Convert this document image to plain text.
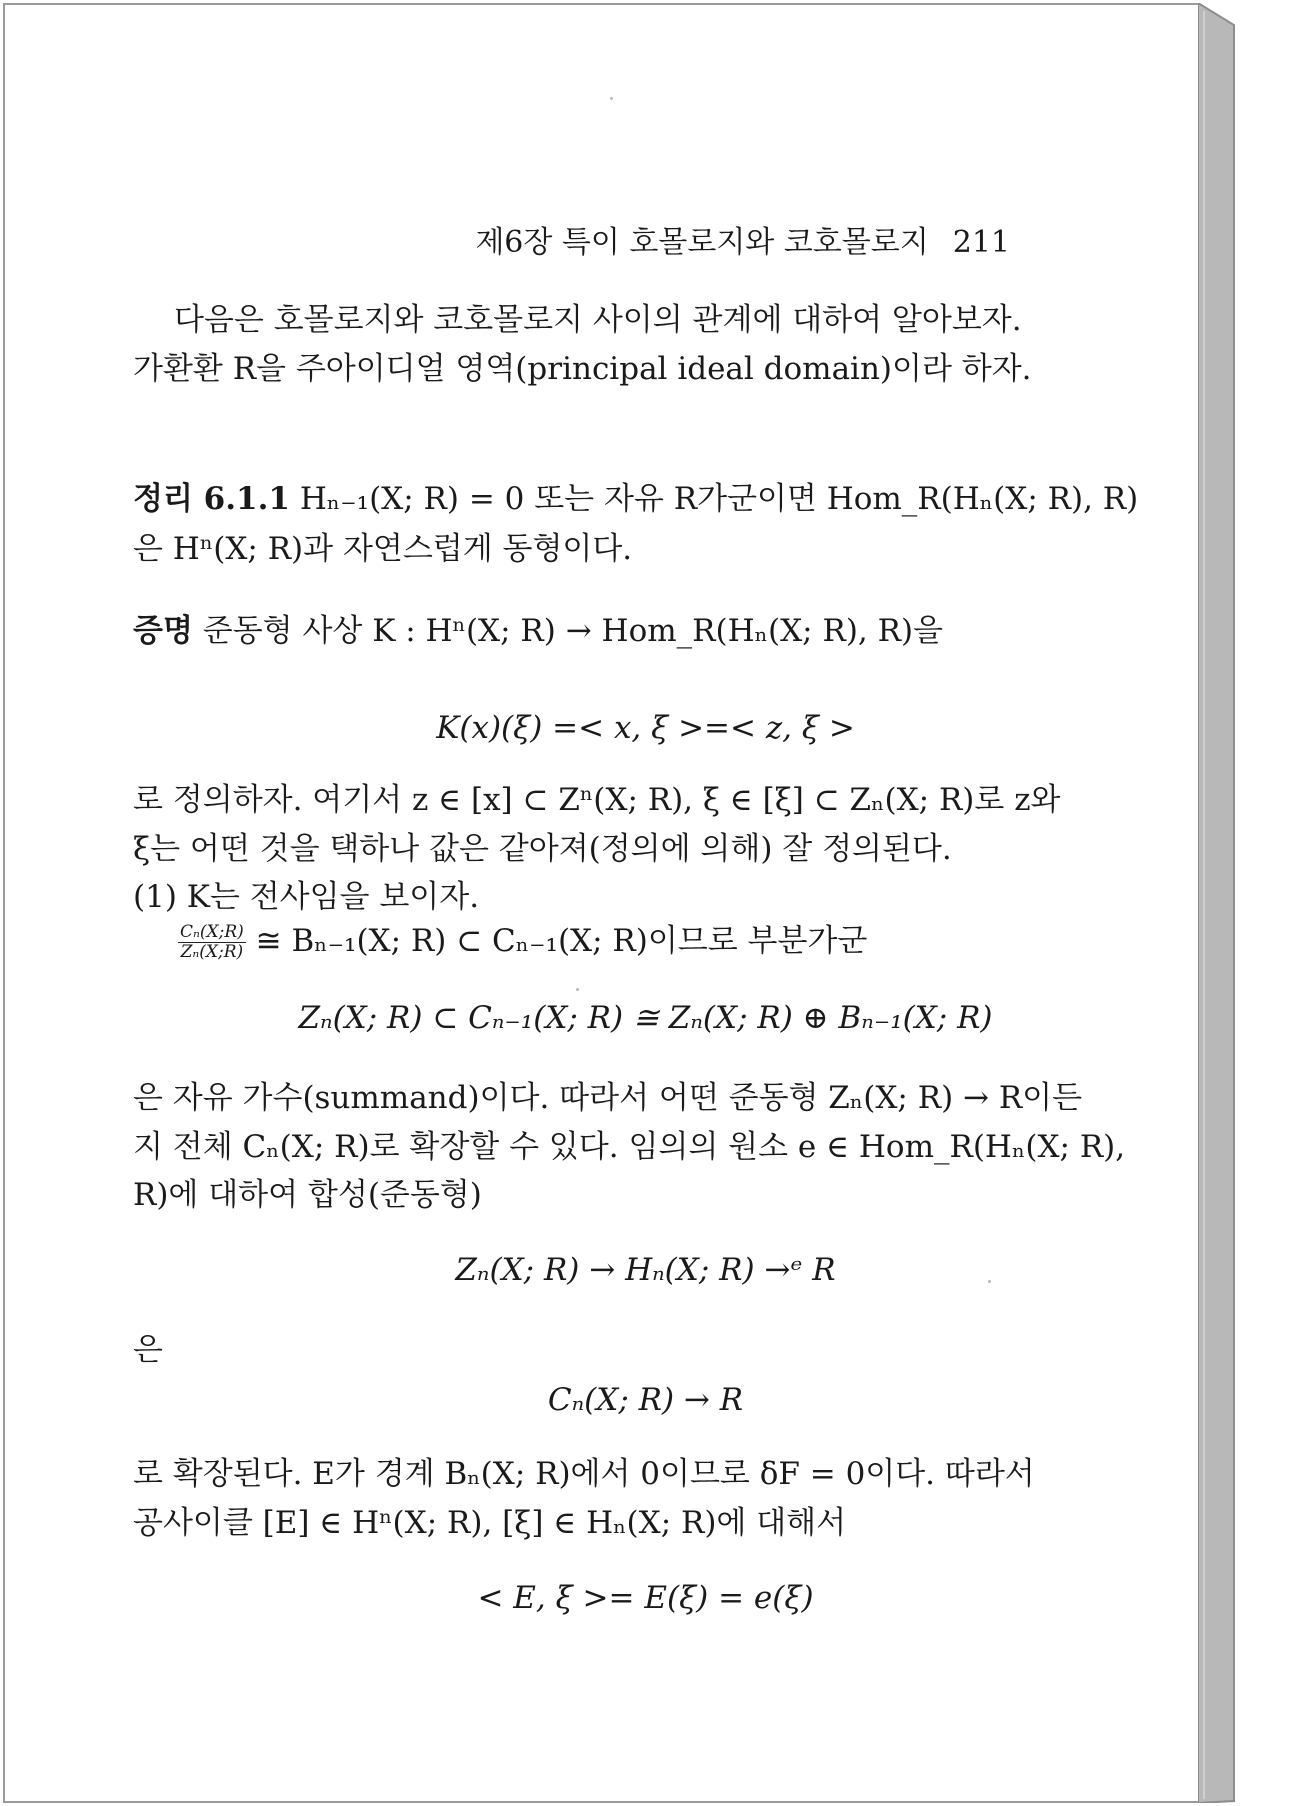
제6장 특이 호몰로지와 코호몰로지 211
다음은 호몰로지와 코호몰로지 사이의 관계에 대하여 알아보자.
가환환 R을 주아이디얼 영역(principal ideal domain)이라 하자.
정리 6.1.1 Hₙ₋₁(X; R) = 0 또는 자유 R가군이면 Hom_R(Hₙ(X; R), R)
은 Hⁿ(X; R)과 자연스럽게 동형이다.
증명 준동형 사상 K : Hⁿ(X; R) → Hom_R(Hₙ(X; R), R)을
K(x)(ξ) =< x, ξ >=< z, ξ >
로 정의하자. 여기서 z ∈ [x] ⊂ Zⁿ(X; R), ξ ∈ [ξ] ⊂ Zₙ(X; R)로 z와
ξ는 어떤 것을 택하나 값은 같아져(정의에 의해) 잘 정의된다.
(1) K는 전사임을 보이자.
$\frac{\text{Cₙ(X;R)}}{\text{Zₙ(X;R)}}$ ≅ Bₙ₋₁(X; R) ⊂ Cₙ₋₁(X; R)이므로 부분가군
Zₙ(X; R) ⊂ Cₙ₋₁(X; R) ≅ Zₙ(X; R) ⊕ Bₙ₋₁(X; R)
은 자유 가수(summand)이다. 따라서 어떤 준동형 Zₙ(X; R) → R이든
지 전체 Cₙ(X; R)로 확장할 수 있다. 임의의 원소 e ∈ Hom_R(Hₙ(X; R),
R)에 대하여 합성(준동형)
Zₙ(X; R) → Hₙ(X; R) →ᵉ R
은
Cₙ(X; R) → R
로 확장된다. E가 경계 Bₙ(X; R)에서 0이므로 δF = 0이다. 따라서
공사이클 [E] ∈ Hⁿ(X; R), [ξ] ∈ Hₙ(X; R)에 대해서
< E, ξ >= E(ξ) = e(ξ)
